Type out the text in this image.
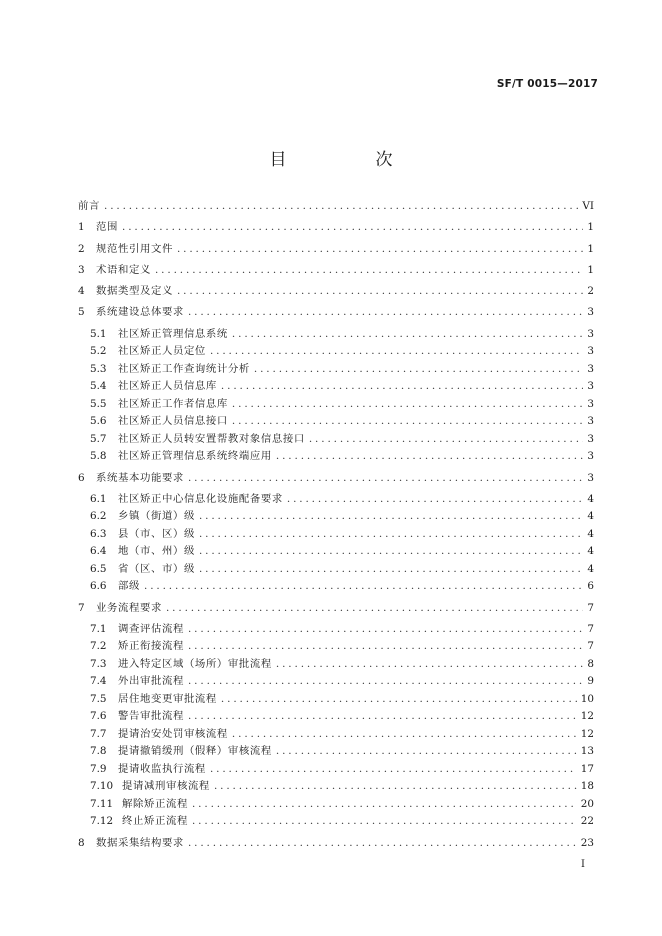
SF/T 0015—2017
目　次
前言 . . .	VI
1	范围 . . .	1
2	规范性引用文件 . . .	1
3	术语和定义 . . .	1
4	数据类型及定义 . . .	2
5	系统建设总体要求 . . .	3
5.1	社区矫正管理信息系统 . . .	3
5.2	社区矫正人员定位 . . .	3
5.3	社区矫正工作查询统计分析 . . .	3
5.4	社区矫正人员信息库 . . .	3
5.5	社区矫正工作者信息库 . . .	3
5.6	社区矫正人员信息接口 . . .	3
5.7	社区矫正人员转安置帮教对象信息接口 . . .	3
5.8	社区矫正管理信息系统终端应用 . . .	3
6	系统基本功能要求 . . .	3
6.1	社区矫正中心信息化设施配备要求 . . .	4
6.2	乡镇（街道）级 . . .	4
6.3	县（市、区）级 . . .	4
6.4	地（市、州）级 . . .	4
6.5	省（区、市）级 . . .	4
6.6	部级 . . .	6
7	业务流程要求 . . .	7
7.1	调查评估流程 . . .	7
7.2	矫正衔接流程 . . .	7
7.3	进入特定区域（场所）审批流程 . . .	8
7.4	外出审批流程 . . .	9
7.5	居住地变更审批流程 . . .	10
7.6	警告审批流程 . . .	12
7.7	提请治安处罚审核流程 . . .	12
7.8	提请撤销缓刑（假释）审核流程 . . .	13
7.9	提请收监执行流程 . . .	17
7.10 提请减刑审核流程 . . .	18
7.11 解除矫正流程 . . .	20
7.12 终止矫正流程 . . .	22
8	数据采集结构要求 . . .	23
I
